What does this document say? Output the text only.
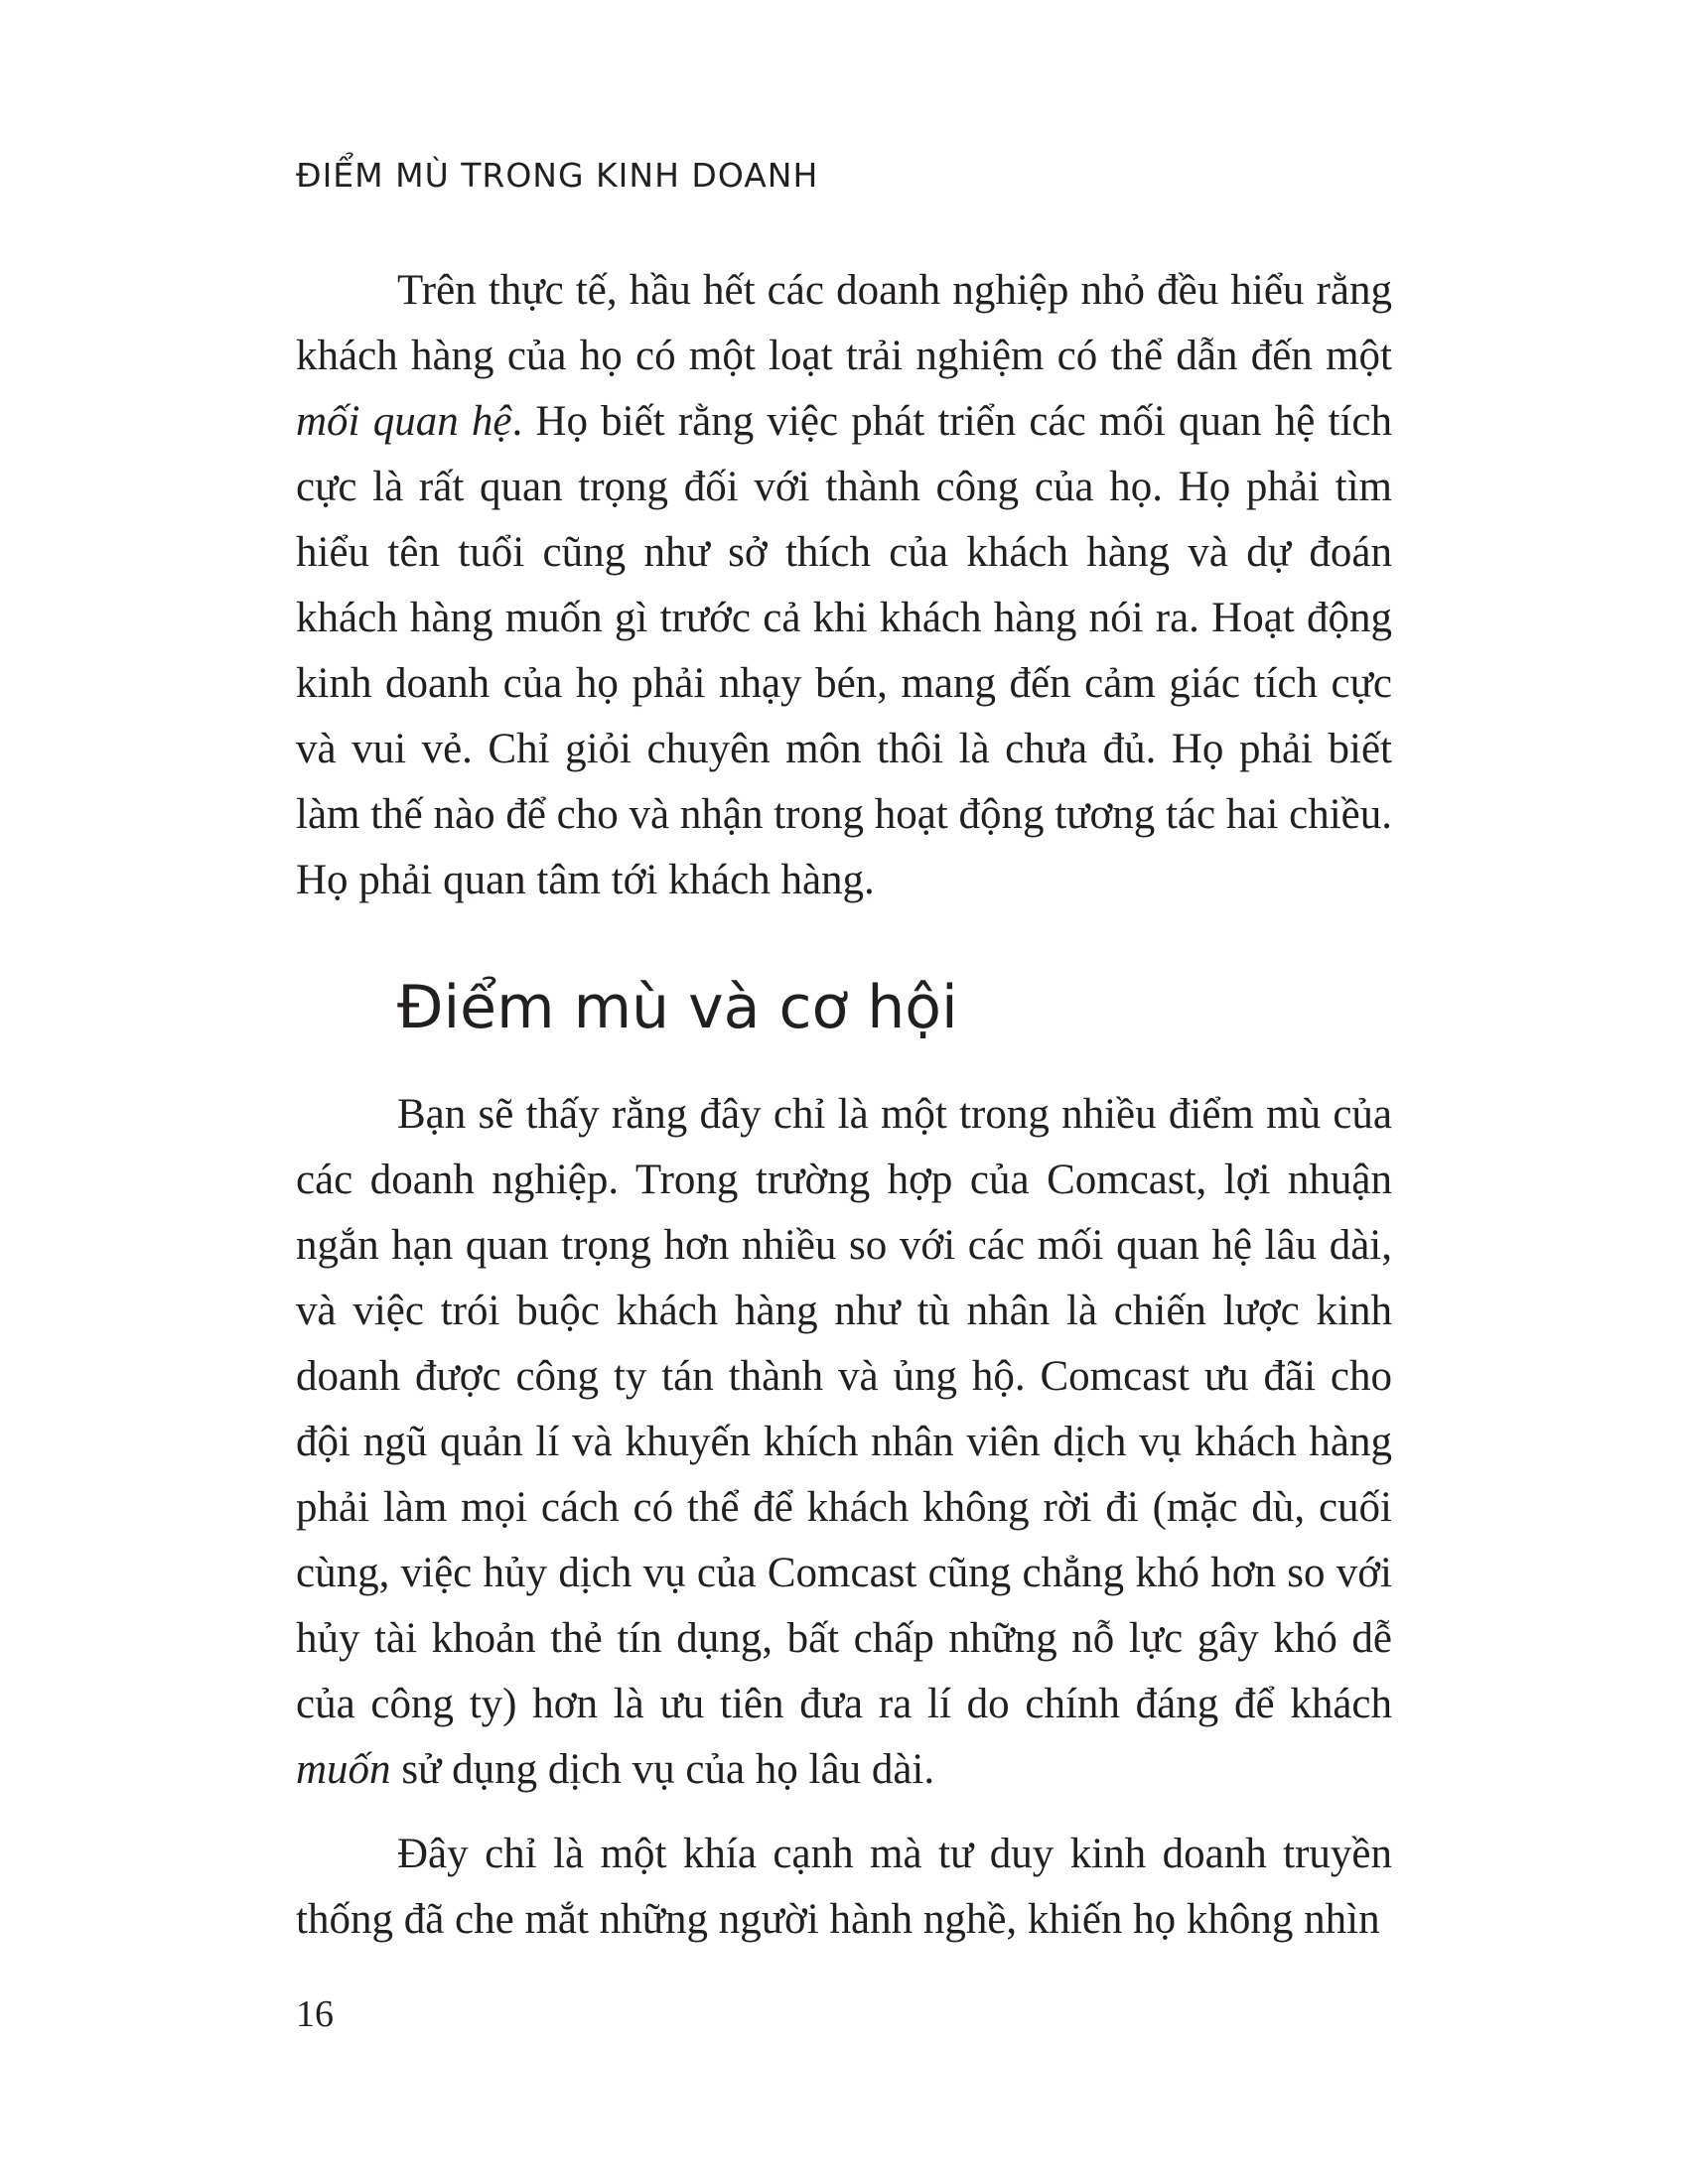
ĐIỂM MÙ TRONG KINH DOANH

Trên thực tế, hầu hết các doanh nghiệp nhỏ đều hiểu rằng khách hàng của họ có một loạt trải nghiệm có thể dẫn đến một mối quan hệ. Họ biết rằng việc phát triển các mối quan hệ tích cực là rất quan trọng đối với thành công của họ. Họ phải tìm hiểu tên tuổi cũng như sở thích của khách hàng và dự đoán khách hàng muốn gì trước cả khi khách hàng nói ra. Hoạt động kinh doanh của họ phải nhạy bén, mang đến cảm giác tích cực và vui vẻ. Chỉ giỏi chuyên môn thôi là chưa đủ. Họ phải biết làm thế nào để cho và nhận trong hoạt động tương tác hai chiều. Họ phải quan tâm tới khách hàng.

Điểm mù và cơ hội

Bạn sẽ thấy rằng đây chỉ là một trong nhiều điểm mù của các doanh nghiệp. Trong trường hợp của Comcast, lợi nhuận ngắn hạn quan trọng hơn nhiều so với các mối quan hệ lâu dài, và việc trói buộc khách hàng như tù nhân là chiến lược kinh doanh được công ty tán thành và ủng hộ. Comcast ưu đãi cho đội ngũ quản lí và khuyến khích nhân viên dịch vụ khách hàng phải làm mọi cách có thể để khách không rời đi (mặc dù, cuối cùng, việc hủy dịch vụ của Comcast cũng chẳng khó hơn so với hủy tài khoản thẻ tín dụng, bất chấp những nỗ lực gây khó dễ của công ty) hơn là ưu tiên đưa ra lí do chính đáng để khách muốn sử dụng dịch vụ của họ lâu dài.

Đây chỉ là một khía cạnh mà tư duy kinh doanh truyền thống đã che mắt những người hành nghề, khiến họ không nhìn

16
